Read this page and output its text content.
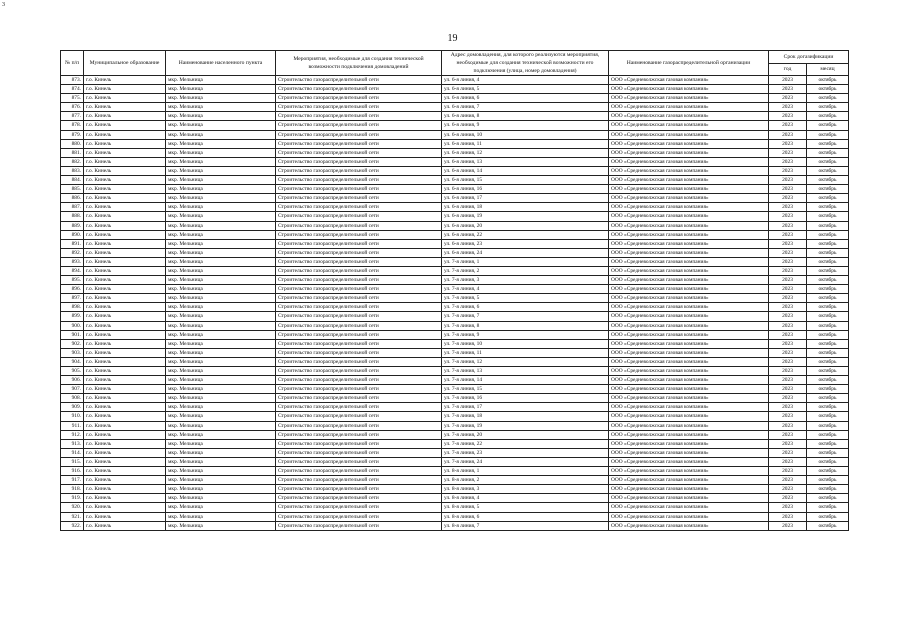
3
19
№ п/п	Муниципальное образование	Наименование населенного пункта	Мероприятия, необходимые для создания технической возможности подключения домовладений	Адрес домовладения, для которого реализуются мероприятия, необходимые для создания технической возможности его подключения (улица, номер домовладения)	Наименование газораспределительной организации	Срок догазификации	
						год	месяц
873.	г.о. Кинель	мкр. Мельница	Строительство газораспределительной сети	ул. 6-я линия, 4	ООО «Средневолжская газовая компания»	2023	октябрь
874.	г.о. Кинель	мкр. Мельница	Строительство газораспределительной сети	ул. 6-я линия, 5	ООО «Средневолжская газовая компания»	2023	октябрь
875.	г.о. Кинель	мкр. Мельница	Строительство газораспределительной сети	ул. 6-я линия, 6	ООО «Средневолжская газовая компания»	2023	октябрь
876.	г.о. Кинель	мкр. Мельница	Строительство газораспределительной сети	ул. 6-я линия, 7	ООО «Средневолжская газовая компания»	2023	октябрь
877.	г.о. Кинель	мкр. Мельница	Строительство газораспределительной сети	ул. 6-я линия, 8	ООО «Средневолжская газовая компания»	2023	октябрь
878.	г.о. Кинель	мкр. Мельница	Строительство газораспределительной сети	ул. 6-я линия, 9	ООО «Средневолжская газовая компания»	2023	октябрь
879.	г.о. Кинель	мкр. Мельница	Строительство газораспределительной сети	ул. 6-я линия, 10	ООО «Средневолжская газовая компания»	2023	октябрь
880.	г.о. Кинель	мкр. Мельница	Строительство газораспределительной сети	ул. 6-я линия, 11	ООО «Средневолжская газовая компания»	2023	октябрь
881.	г.о. Кинель	мкр. Мельница	Строительство газораспределительной сети	ул. 6-я линия, 12	ООО «Средневолжская газовая компания»	2023	октябрь
882.	г.о. Кинель	мкр. Мельница	Строительство газораспределительной сети	ул. 6-я линия, 13	ООО «Средневолжская газовая компания»	2023	октябрь
883.	г.о. Кинель	мкр. Мельница	Строительство газораспределительной сети	ул. 6-я линия, 14	ООО «Средневолжская газовая компания»	2023	октябрь
884.	г.о. Кинель	мкр. Мельница	Строительство газораспределительной сети	ул. 6-я линия, 15	ООО «Средневолжская газовая компания»	2023	октябрь
885.	г.о. Кинель	мкр. Мельница	Строительство газораспределительной сети	ул. 6-я линия, 16	ООО «Средневолжская газовая компания»	2023	октябрь
886.	г.о. Кинель	мкр. Мельница	Строительство газораспределительной сети	ул. 6-я линия, 17	ООО «Средневолжская газовая компания»	2023	октябрь
887.	г.о. Кинель	мкр. Мельница	Строительство газораспределительной сети	ул. 6-я линия, 18	ООО «Средневолжская газовая компания»	2023	октябрь
888.	г.о. Кинель	мкр. Мельница	Строительство газораспределительной сети	ул. 6-я линия, 19	ООО «Средневолжская газовая компания»	2023	октябрь
889.	г.о. Кинель	мкр. Мельница	Строительство газораспределительной сети	ул. 6-я линия, 20	ООО «Средневолжская газовая компания»	2023	октябрь
890.	г.о. Кинель	мкр. Мельница	Строительство газораспределительной сети	ул. 6-я линия, 22	ООО «Средневолжская газовая компания»	2023	октябрь
891.	г.о. Кинель	мкр. Мельница	Строительство газораспределительной сети	ул. 6-я линия, 23	ООО «Средневолжская газовая компания»	2023	октябрь
892.	г.о. Кинель	мкр. Мельница	Строительство газораспределительной сети	ул. 6-я линия, 24	ООО «Средневолжская газовая компания»	2023	октябрь
893.	г.о. Кинель	мкр. Мельница	Строительство газораспределительной сети	ул. 7-я линия, 1	ООО «Средневолжская газовая компания»	2023	октябрь
894.	г.о. Кинель	мкр. Мельница	Строительство газораспределительной сети	ул. 7-я линия, 2	ООО «Средневолжская газовая компания»	2023	октябрь
895.	г.о. Кинель	мкр. Мельница	Строительство газораспределительной сети	ул. 7-я линия, 3	ООО «Средневолжская газовая компания»	2023	октябрь
896.	г.о. Кинель	мкр. Мельница	Строительство газораспределительной сети	ул. 7-я линия, 4	ООО «Средневолжская газовая компания»	2023	октябрь
897.	г.о. Кинель	мкр. Мельница	Строительство газораспределительной сети	ул. 7-я линия, 5	ООО «Средневолжская газовая компания»	2023	октябрь
898.	г.о. Кинель	мкр. Мельница	Строительство газораспределительной сети	ул. 7-я линия, 6	ООО «Средневолжская газовая компания»	2023	октябрь
899.	г.о. Кинель	мкр. Мельница	Строительство газораспределительной сети	ул. 7-я линия, 7	ООО «Средневолжская газовая компания»	2023	октябрь
900.	г.о. Кинель	мкр. Мельница	Строительство газораспределительной сети	ул. 7-я линия, 8	ООО «Средневолжская газовая компания»	2023	октябрь
901.	г.о. Кинель	мкр. Мельница	Строительство газораспределительной сети	ул. 7-я линия, 9	ООО «Средневолжская газовая компания»	2023	октябрь
902.	г.о. Кинель	мкр. Мельница	Строительство газораспределительной сети	ул. 7-я линия, 10	ООО «Средневолжская газовая компания»	2023	октябрь
903.	г.о. Кинель	мкр. Мельница	Строительство газораспределительной сети	ул. 7-я линия, 11	ООО «Средневолжская газовая компания»	2023	октябрь
904.	г.о. Кинель	мкр. Мельница	Строительство газораспределительной сети	ул. 7-я линия, 12	ООО «Средневолжская газовая компания»	2023	октябрь
905.	г.о. Кинель	мкр. Мельница	Строительство газораспределительной сети	ул. 7-я линия, 13	ООО «Средневолжская газовая компания»	2023	октябрь
906.	г.о. Кинель	мкр. Мельница	Строительство газораспределительной сети	ул. 7-я линия, 14	ООО «Средневолжская газовая компания»	2023	октябрь
907.	г.о. Кинель	мкр. Мельница	Строительство газораспределительной сети	ул. 7-я линия, 15	ООО «Средневолжская газовая компания»	2023	октябрь
908.	г.о. Кинель	мкр. Мельница	Строительство газораспределительной сети	ул. 7-я линия, 16	ООО «Средневолжская газовая компания»	2023	октябрь
909.	г.о. Кинель	мкр. Мельница	Строительство газораспределительной сети	ул. 7-я линия, 17	ООО «Средневолжская газовая компания»	2023	октябрь
910.	г.о. Кинель	мкр. Мельница	Строительство газораспределительной сети	ул. 7-я линия, 18	ООО «Средневолжская газовая компания»	2023	октябрь
911.	г.о. Кинель	мкр. Мельница	Строительство газораспределительной сети	ул. 7-я линия, 19	ООО «Средневолжская газовая компания»	2023	октябрь
912.	г.о. Кинель	мкр. Мельница	Строительство газораспределительной сети	ул. 7-я линия, 20	ООО «Средневолжская газовая компания»	2023	октябрь
913.	г.о. Кинель	мкр. Мельница	Строительство газораспределительной сети	ул. 7-я линия, 22	ООО «Средневолжская газовая компания»	2023	октябрь
914.	г.о. Кинель	мкр. Мельница	Строительство газораспределительной сети	ул. 7-я линия, 23	ООО «Средневолжская газовая компания»	2023	октябрь
915.	г.о. Кинель	мкр. Мельница	Строительство газораспределительной сети	ул. 7-я линия, 24	ООО «Средневолжская газовая компания»	2023	октябрь
916.	г.о. Кинель	мкр. Мельница	Строительство газораспределительной сети	ул. 8-я линия, 1	ООО «Средневолжская газовая компания»	2023	октябрь
917.	г.о. Кинель	мкр. Мельница	Строительство газораспределительной сети	ул. 8-я линия, 2	ООО «Средневолжская газовая компания»	2023	октябрь
918.	г.о. Кинель	мкр. Мельница	Строительство газораспределительной сети	ул. 8-я линия, 3	ООО «Средневолжская газовая компания»	2023	октябрь
919.	г.о. Кинель	мкр. Мельница	Строительство газораспределительной сети	ул. 8-я линия, 4	ООО «Средневолжская газовая компания»	2023	октябрь
920.	г.о. Кинель	мкр. Мельница	Строительство газораспределительной сети	ул. 8-я линия, 5	ООО «Средневолжская газовая компания»	2023	октябрь
921.	г.о. Кинель	мкр. Мельница	Строительство газораспределительной сети	ул. 8-я линия, 6	ООО «Средневолжская газовая компания»	2023	октябрь
922.	г.о. Кинель	мкр. Мельница	Строительство газораспределительной сети	ул. 8-я линия, 7	ООО «Средневолжская газовая компания»	2023	октябрь
